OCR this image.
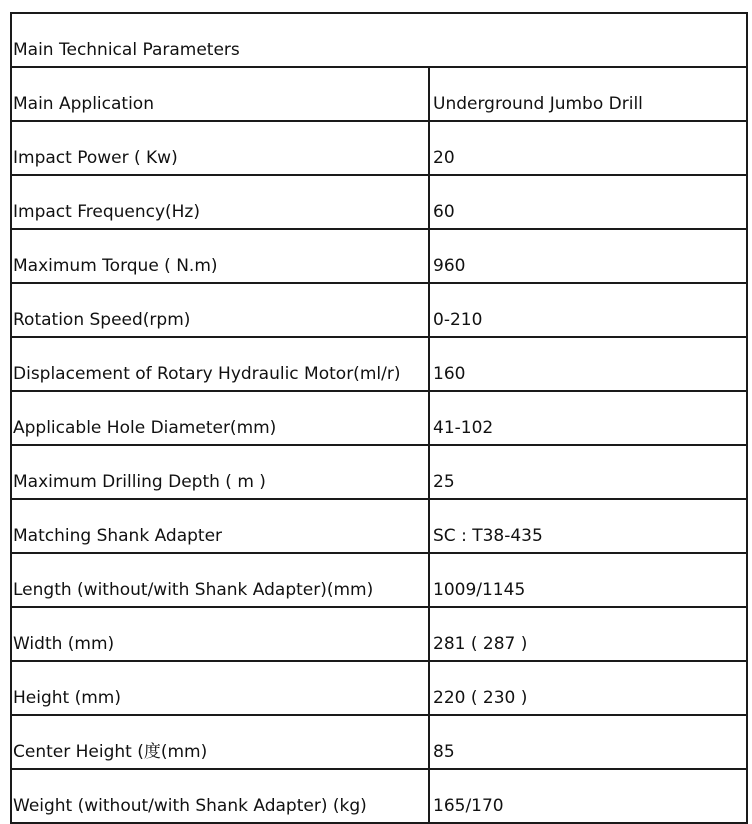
Main Technical Parameters	
Main Application	Underground Jumbo Drill
Impact Power ( Kw)	20
Impact Frequency(Hz)	60
Maximum Torque ( N.m)	960
Rotation Speed(rpm)	0-210
Displacement of Rotary Hydraulic Motor(ml/r)	160
Applicable Hole Diameter(mm)	41-102
Maximum Drilling Depth ( m )	25
Matching Shank Adapter	SC : T38-435
Length (without/with Shank Adapter)(mm)	1009/1145
Width (mm)	281 ( 287 )
Height (mm)	220 ( 230 )
Center Height (度(mm)	85
Weight (without/with Shank Adapter) (kg)	165/170
